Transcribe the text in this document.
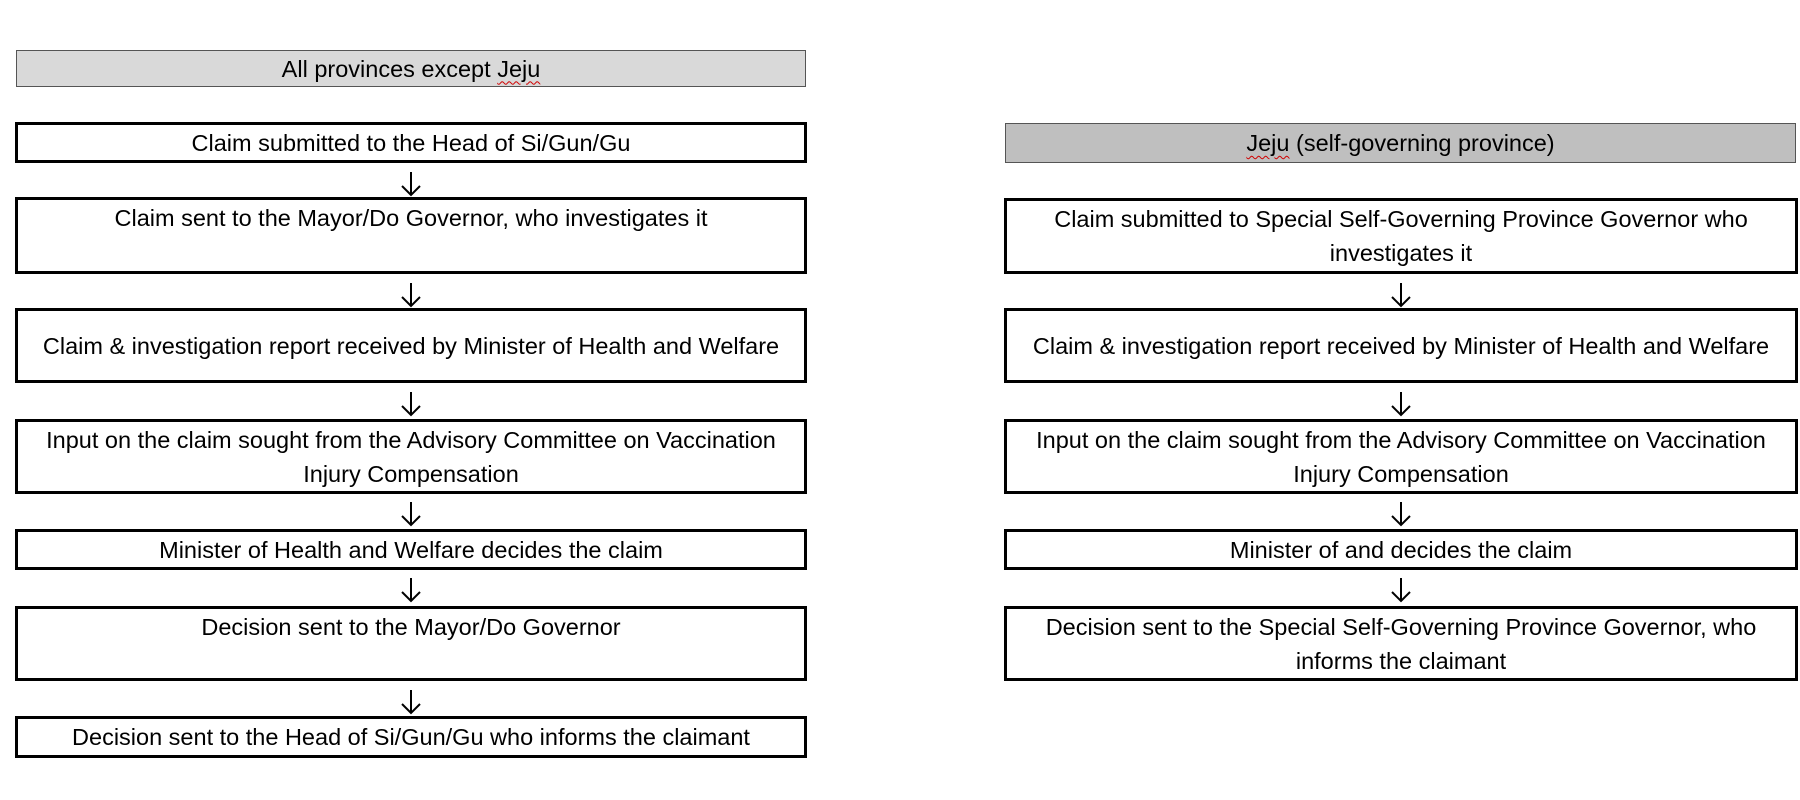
All provinces except
Jeju
Claim submitted to the Head of Si/Gun/Gu
Claim sent to the Mayor/Do Governor, who investigates it
Claim & investigation report received by Minister of Health and Welfare
Input on the claim sought from the Advisory Committee on Vaccination Injury Compensation
Minister of Health and Welfare decides the claim
Decision sent to the Mayor/Do Governor
Decision sent to the Head of Si/Gun/Gu who informs the claimant
Jeju
(self-governing province)
Claim submitted to Special Self-Governing Province Governor who investigates it
Claim & investigation report received by Minister of Health and Welfare
Input on the claim sought from the Advisory Committee on Vaccination Injury Compensation
Minister of and decides the claim
Decision sent to the Special Self-Governing Province Governor, who informs the claimant
